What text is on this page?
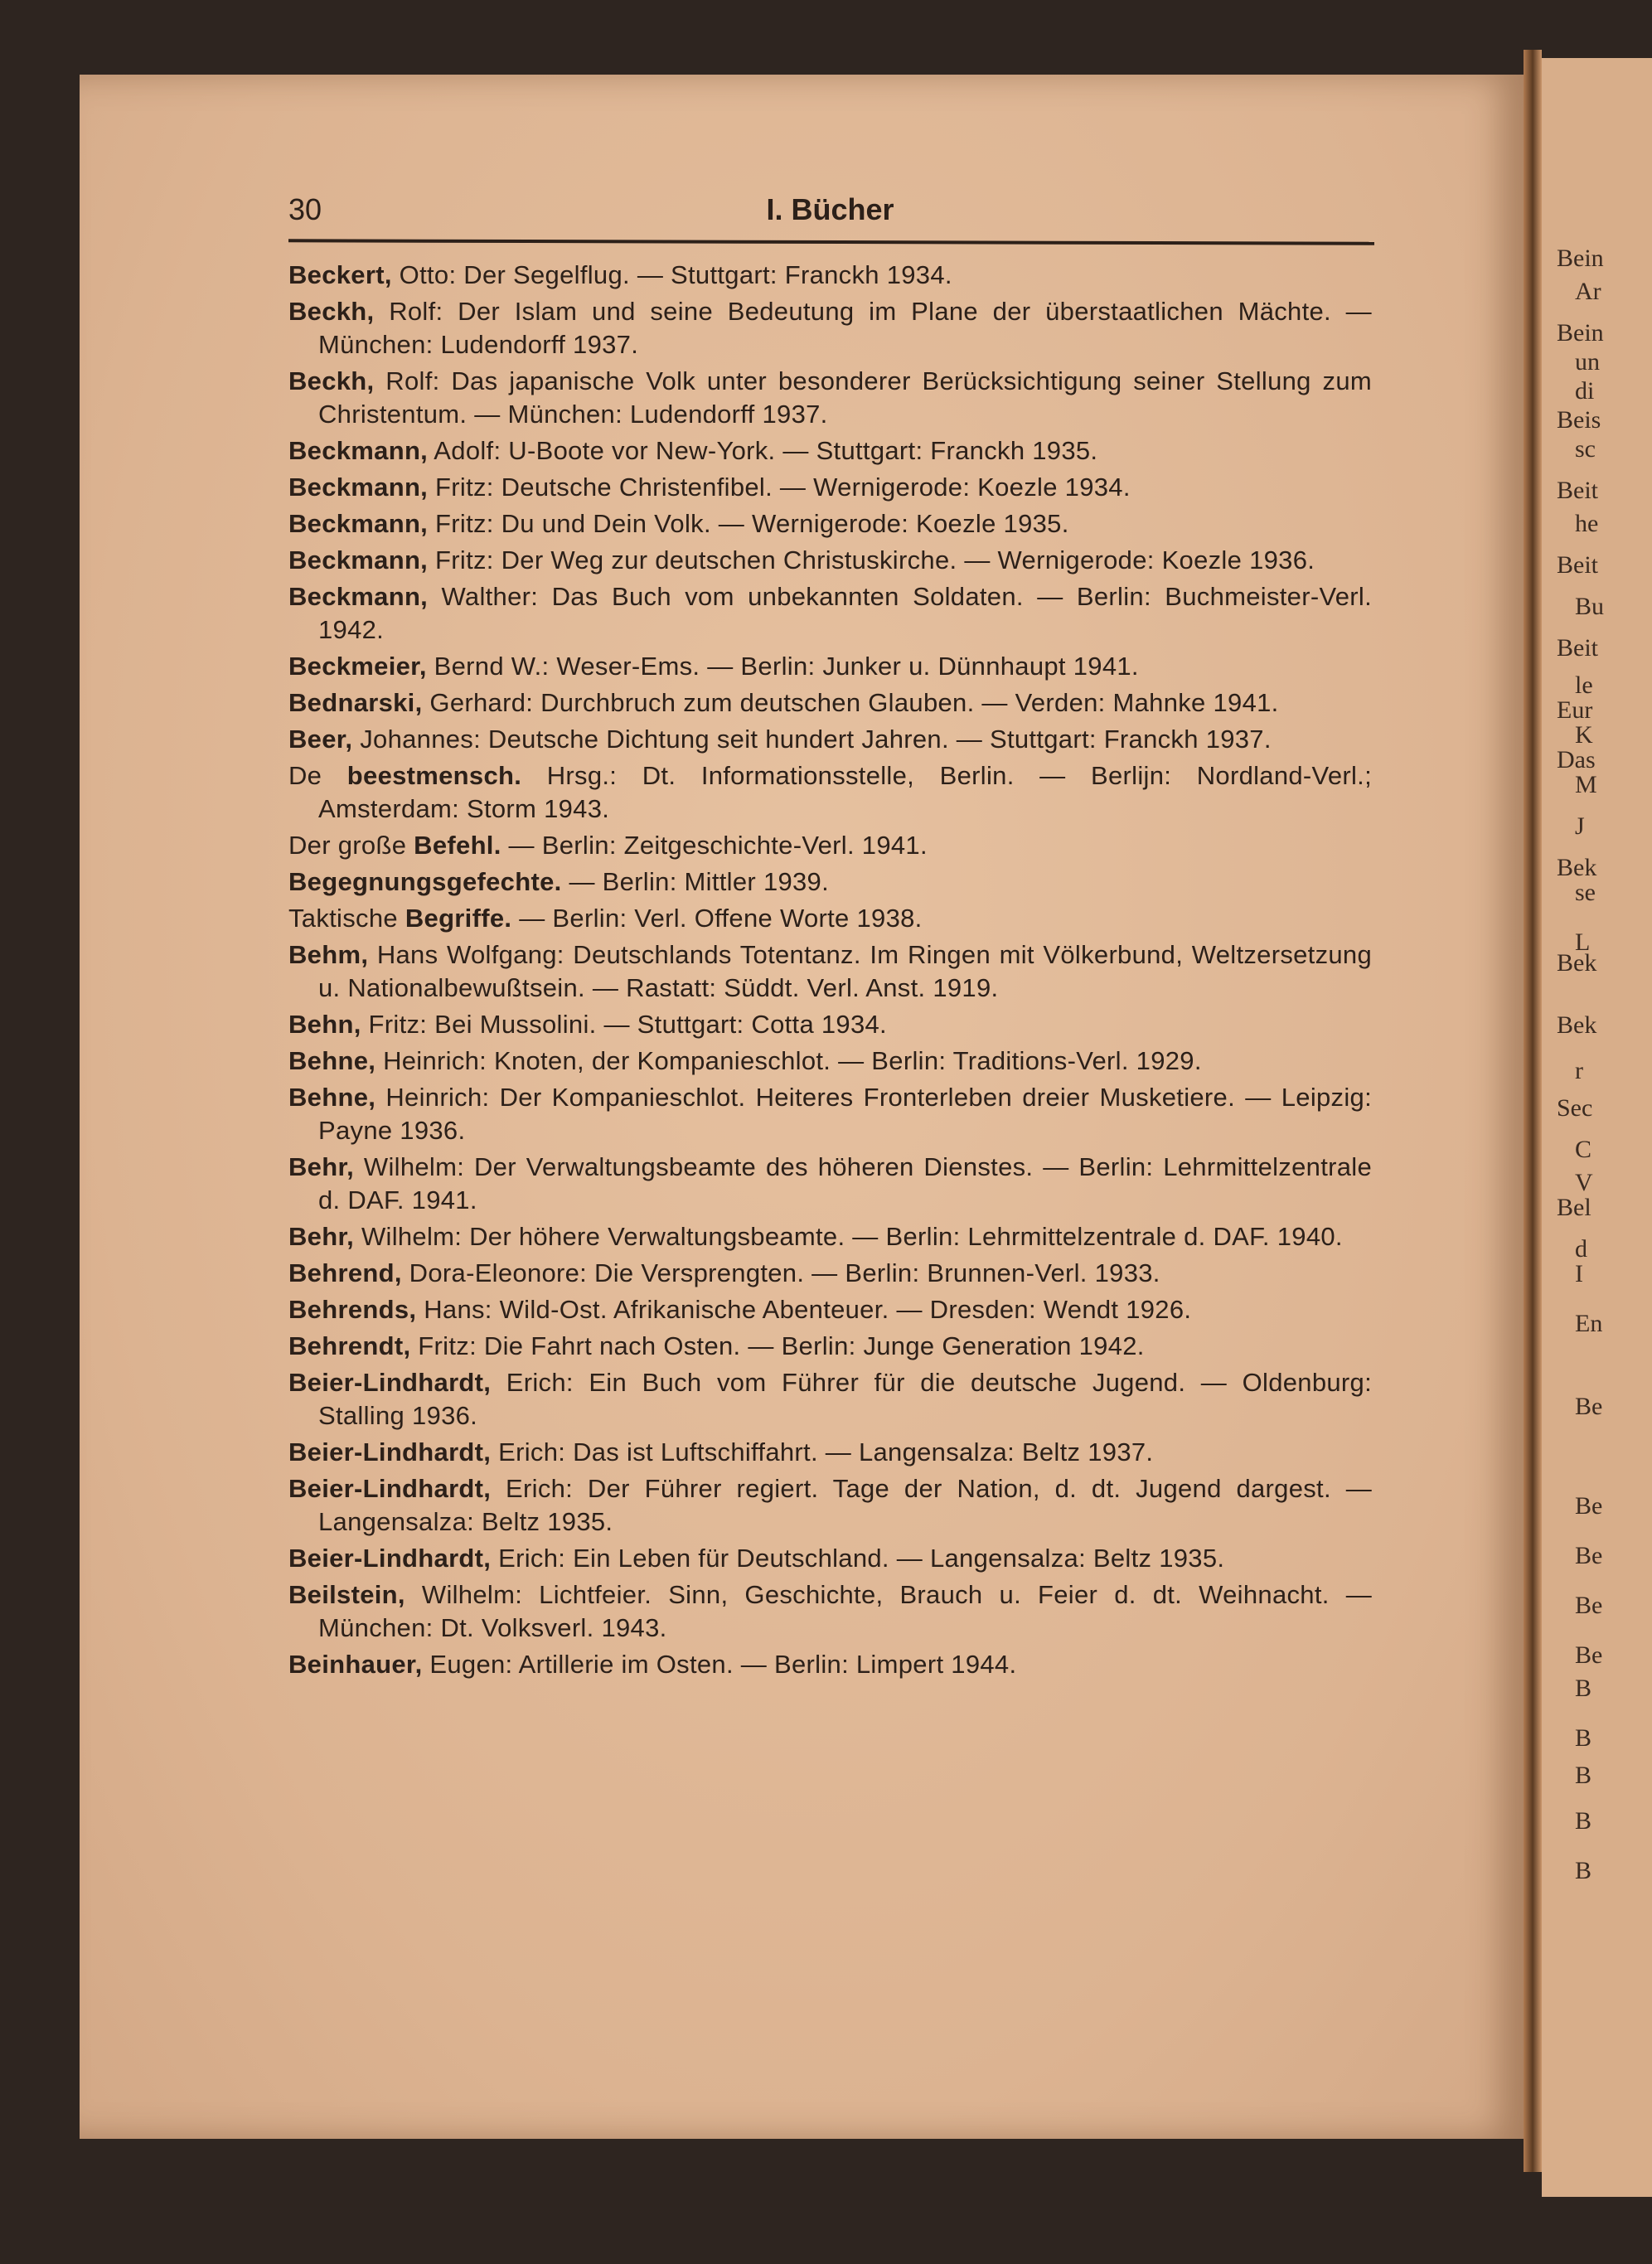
Bein
Ar
Bein
un
di
Beis
sc
Beit
he
Beit
Bu
Beit
le
Eur
K
Das
M
J
Bek
se
L
Bek
Bek
r
Sec
C
V
Bel
d
I
En
Be
Be
Be
Be
Be
B
B
B
B
B
30	I. Bücher
Beckert, Otto: Der Segelflug. — Stuttgart: Franckh 1934.
Beckh, Rolf: Der Islam und seine Bedeutung im Plane der überstaatlichen Mächte. — München: Ludendorff 1937.
Beckh, Rolf: Das japanische Volk unter besonderer Berücksichtigung seiner Stellung zum Christentum. — München: Ludendorff 1937.
Beckmann, Adolf: U-Boote vor New-York. — Stuttgart: Franckh 1935.
Beckmann, Fritz: Deutsche Christenfibel. — Wernigerode: Koezle 1934.
Beckmann, Fritz: Du und Dein Volk. — Wernigerode: Koezle 1935.
Beckmann, Fritz: Der Weg zur deutschen Christuskirche. — Wernigerode: Koezle 1936.
Beckmann, Walther: Das Buch vom unbekannten Soldaten. — Berlin: Buchmeister-Verl. 1942.
Beckmeier, Bernd W.: Weser-Ems. — Berlin: Junker u. Dünnhaupt 1941.
Bednarski, Gerhard: Durchbruch zum deutschen Glauben. — Verden: Mahnke 1941.
Beer, Johannes: Deutsche Dichtung seit hundert Jahren. — Stuttgart: Franckh 1937.
De beestmensch. Hrsg.: Dt. Informationsstelle, Berlin. — Berlijn: Nordland-Verl.; Amsterdam: Storm 1943.
Der große Befehl. — Berlin: Zeitgeschichte-Verl. 1941.
Begegnungsgefechte. — Berlin: Mittler 1939.
Taktische Begriffe. — Berlin: Verl. Offene Worte 1938.
Behm, Hans Wolfgang: Deutschlands Totentanz. Im Ringen mit Völkerbund, Weltzersetzung u. Nationalbewußtsein. — Rastatt: Süddt. Verl. Anst. 1919.
Behn, Fritz: Bei Mussolini. — Stuttgart: Cotta 1934.
Behne, Heinrich: Knoten, der Kompanieschlot. — Berlin: Traditions-Verl. 1929.
Behne, Heinrich: Der Kompanieschlot. Heiteres Fronterleben dreier Musketiere. — Leipzig: Payne 1936.
Behr, Wilhelm: Der Verwaltungsbeamte des höheren Dienstes. — Berlin: Lehrmittelzentrale d. DAF. 1941.
Behr, Wilhelm: Der höhere Verwaltungsbeamte. — Berlin: Lehrmittelzentrale d. DAF. 1940.
Behrend, Dora-Eleonore: Die Versprengten. — Berlin: Brunnen-Verl. 1933.
Behrends, Hans: Wild-Ost. Afrikanische Abenteuer. — Dresden: Wendt 1926.
Behrendt, Fritz: Die Fahrt nach Osten. — Berlin: Junge Generation 1942.
Beier-Lindhardt, Erich: Ein Buch vom Führer für die deutsche Jugend. — Oldenburg: Stalling 1936.
Beier-Lindhardt, Erich: Das ist Luftschiffahrt. — Langensalza: Beltz 1937.
Beier-Lindhardt, Erich: Der Führer regiert. Tage der Nation, d. dt. Jugend dargest. — Langensalza: Beltz 1935.
Beier-Lindhardt, Erich: Ein Leben für Deutschland. — Langensalza: Beltz 1935.
Beilstein, Wilhelm: Lichtfeier. Sinn, Geschichte, Brauch u. Feier d. dt. Weihnacht. — München: Dt. Volksverl. 1943.
Beinhauer, Eugen: Artillerie im Osten. — Berlin: Limpert 1944.
